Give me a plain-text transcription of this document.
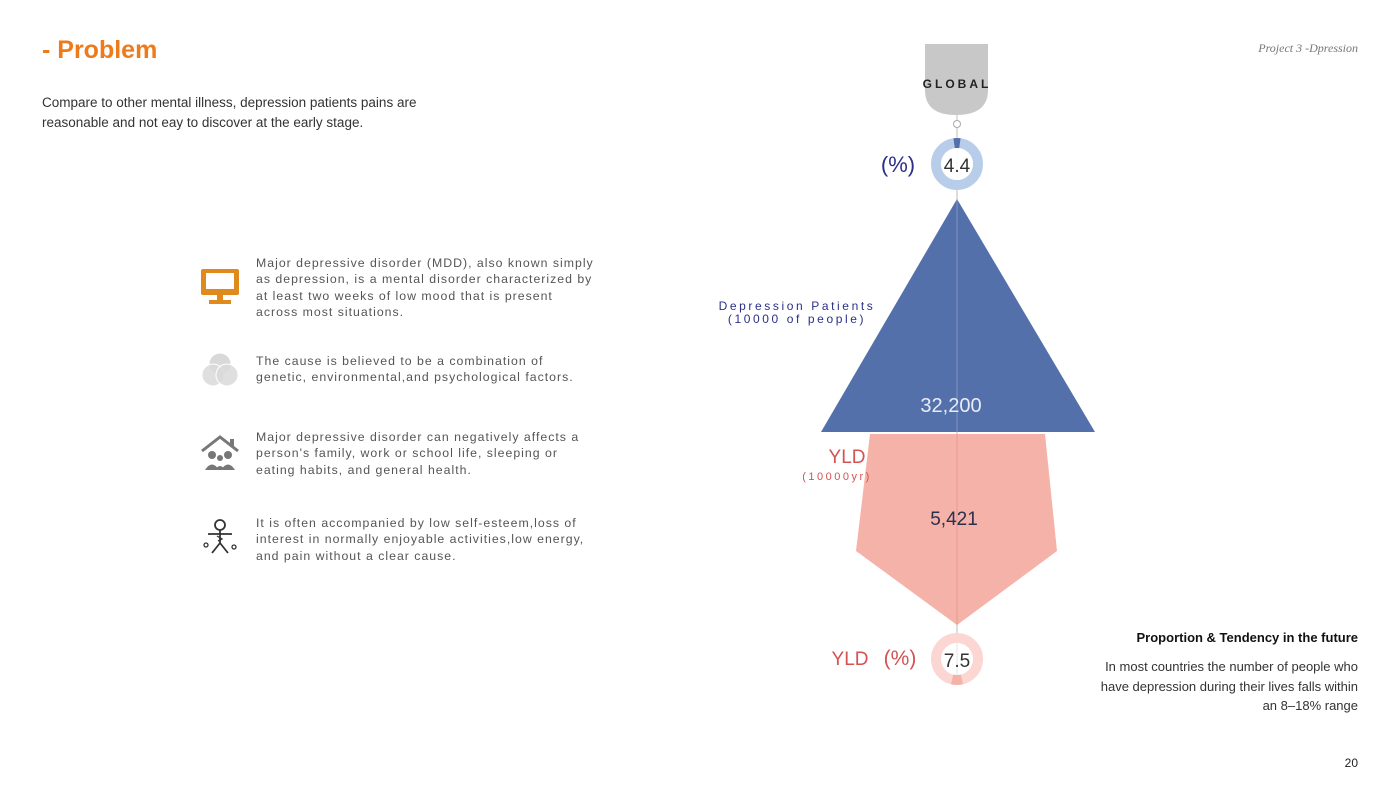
- Problem
Compare to other mental illness, depression patients pains are reasonable and not eay to discover at the early stage.
Project 3 -Dpression
Major depressive disorder (MDD), also known simply as depression, is a mental disorder characterized by at least two weeks of low mood that is present across most situations.
The cause is believed to be a combination of genetic, environmental,and psychological factors.
Major depressive disorder can negatively affects a person's family, work or school life, sleeping or eating habits, and general health.
It is often accompanied by low self-esteem,loss of interest in normally enjoyable activities,low energy, and pain without a clear cause.
GLOBAL
4.4
(%)
Depression Patients
(10000 of people)
32,200
YLD
(10000yr)
5,421
7.5
YLD (%)
Proportion & Tendency in the future
In most countries the number of people who have depression during their lives falls within an 8–18% range
20
